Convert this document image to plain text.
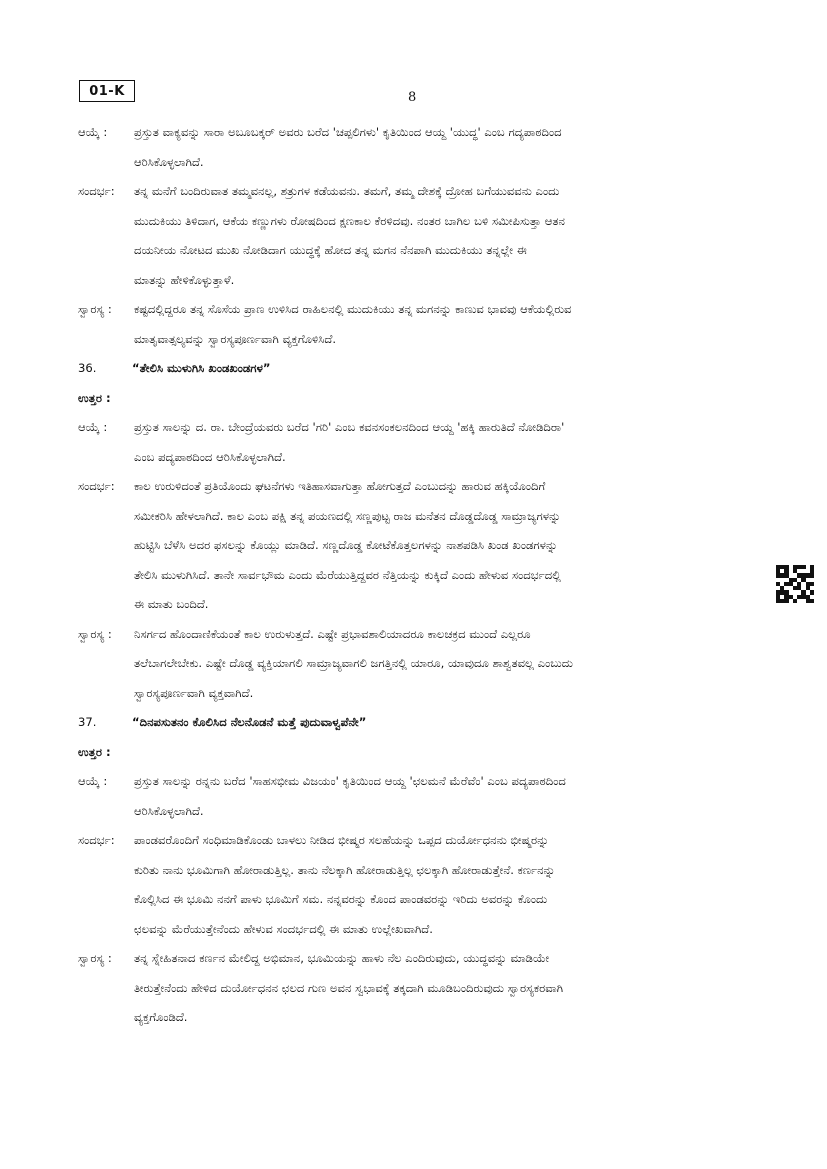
01-K	8
ಆಯ್ಕೆ :	ಪ್ರಸ್ತುತ ವಾಕ್ಯವನ್ನು ಸಾರಾ ಅಬೂಬಕ್ಕರ್ ಅವರು ಬರೆದ 'ಚಪ್ಪಲಿಗಳು' ಕೃತಿಯಿಂದ ಆಯ್ದ 'ಯುದ್ಧ' ಎಂಬ ಗದ್ಯಪಾಠದಿಂದ
ಆರಿಸಿಕೊಳ್ಳಲಾಗಿದೆ.
ಸಂದರ್ಭ:	ತನ್ನ ಮನೆಗೆ ಬಂದಿರುವಾತ ತಮ್ಮವನಲ್ಲ, ಶತ್ರುಗಳ ಕಡೆಯವನು. ತಮಗೆ, ತಮ್ಮ ದೇಶಕ್ಕೆ ದ್ರೋಹ ಬಗೆಯುವವನು ಎಂದು
ಮುದುಕಿಯು ತಿಳಿದಾಗ, ಆಕೆಯ ಕಣ್ಣುಗಳು ರೋಷದಿಂದ ಕ್ಷಣಕಾಲ ಕೆರಳಿದವು. ನಂತರ ಬಾಗಿಲ ಬಳಿ ಸಮೀಪಿಸುತ್ತಾ ಆತನ
ದಯನೀಯ ನೋಟದ ಮುಖ ನೋಡಿದಾಗ ಯುದ್ಧಕ್ಕೆ ಹೋದ ತನ್ನ ಮಗನ ನೆನಪಾಗಿ ಮುದುಕಿಯು ತನ್ನಲ್ಲೇ ಈ
ಮಾತನ್ನು ಹೇಳಿಕೊಳ್ಳುತ್ತಾಳೆ.
ಸ್ವಾರಸ್ಯ :	ಕಷ್ಟದಲ್ಲಿದ್ದರೂ ತನ್ನ ಸೊಸೆಯ ಪ್ರಾಣ ಉಳಿಸಿದ ರಾಹಿಲನಲ್ಲಿ ಮುದುಕಿಯು ತನ್ನ ಮಗನನ್ನು ಕಾಣುವ ಭಾವವು ಆಕೆಯಲ್ಲಿರುವ
ಮಾತೃವಾತ್ಸಲ್ಯವನ್ನು ಸ್ವಾರಸ್ಯಪೂರ್ಣವಾಗಿ ವ್ಯಕ್ತಗೊಳಿಸಿದೆ.
36.	“ತೇಲಿಸಿ ಮುಳುಗಿಸಿ ಖಂಡಖಂಡಗಳ”
ಉತ್ತರ :
ಆಯ್ಕೆ :	ಪ್ರಸ್ತುತ ಸಾಲನ್ನು ದ. ರಾ. ಬೇಂದ್ರೆಯವರು ಬರೆದ 'ಗರಿ' ಎಂಬ ಕವನಸಂಕಲನದಿಂದ ಆಯ್ದ 'ಹಕ್ಕಿ ಹಾರುತಿದೆ ನೋಡಿದಿರಾ'
ಎಂಬ ಪದ್ಯಪಾಠದಿಂದ ಆರಿಸಿಕೊಳ್ಳಲಾಗಿದೆ.
ಸಂದರ್ಭ:	ಕಾಲ ಉರುಳಿದಂತೆ ಪ್ರತಿಯೊಂದು ಘಟನೆಗಳು ಇತಿಹಾಸವಾಗುತ್ತಾ ಹೋಗುತ್ತದೆ ಎಂಬುದನ್ನು ಹಾರುವ ಹಕ್ಕಿಯೊಂದಿಗೆ
ಸಮೀಕರಿಸಿ ಹೇಳಲಾಗಿದೆ. ಕಾಲ ಎಂಬ ಪಕ್ಷಿ ತನ್ನ ಪಯಣದಲ್ಲಿ ಸಣ್ಣಪುಟ್ಟ ರಾಜ ಮನೆತನ ದೊಡ್ಡದೊಡ್ಡ ಸಾಮ್ರಾಜ್ಯಗಳನ್ನು
ಹುಟ್ಟಿಸಿ ಬೆಳೆಸಿ ಅದರ ಫಸಲನ್ನು ಕೊಯ್ಲು ಮಾಡಿದೆ. ಸಣ್ಣದೊಡ್ಡ ಕೋಟೆಕೊತ್ತಲಗಳನ್ನು ನಾಶಪಡಿಸಿ ಖಂಡ ಖಂಡಗಳನ್ನು
ತೇಲಿಸಿ ಮುಳುಗಿಸಿದೆ. ತಾನೇ ಸಾರ್ವಭೌಮ ಎಂದು ಮೆರೆಯುತ್ತಿದ್ದವರ ನೆತ್ತಿಯನ್ನು ಕುಕ್ಕಿದೆ ಎಂದು ಹೇಳುವ ಸಂದರ್ಭದಲ್ಲಿ
ಈ ಮಾತು ಬಂದಿದೆ.
ಸ್ವಾರಸ್ಯ :	ನಿಸರ್ಗದ ಹೊಂದಾಣಿಕೆಯಂತೆ ಕಾಲ ಉರುಳುತ್ತದೆ. ಎಷ್ಟೇ ಪ್ರಭಾವಶಾಲಿಯಾದರೂ ಕಾಲಚಕ್ರದ ಮುಂದೆ ಎಲ್ಲರೂ
ತಲೆಬಾಗಲೇಬೇಕು. ಎಷ್ಟೇ ದೊಡ್ಡ ವ್ಯಕ್ತಿಯಾಗಲಿ ಸಾಮ್ರಾಜ್ಯವಾಗಲಿ ಜಗತ್ತಿನಲ್ಲಿ ಯಾರೂ, ಯಾವುದೂ ಶಾಶ್ವತವಲ್ಲ ಎಂಬುದು
ಸ್ವಾರಸ್ಯಪೂರ್ಣವಾಗಿ ವ್ಯಕ್ತವಾಗಿದೆ.
37.	“ದಿನಪಸುತನಂ ಕೊಲಿಸಿದ ನೆಲನೊಡನೆ ಮತ್ತೆ ಪುದುವಾಳ್ವಪೆನೇ”
ಉತ್ತರ :
ಆಯ್ಕೆ :	ಪ್ರಸ್ತುತ ಸಾಲನ್ನು ರನ್ನನು ಬರೆದ 'ಸಾಹಸಭೀಮ ವಿಜಯಂ' ಕೃತಿಯಿಂದ ಆಯ್ದ 'ಛಲಮನೆ ಮೆರೆವೆಂ' ಎಂಬ ಪದ್ಯಪಾಠದಿಂದ
ಆರಿಸಿಕೊಳ್ಳಲಾಗಿದೆ.
ಸಂದರ್ಭ:	ಪಾಂಡವರೊಂದಿಗೆ ಸಂಧಿಮಾಡಿಕೊಂಡು ಬಾಳಲು ನೀಡಿದ ಭೀಷ್ಮರ ಸಲಹೆಯನ್ನು ಒಪ್ಪದ ದುರ್ಯೋಧನನು ಭೀಷ್ಮರನ್ನು
ಕುರಿತು ನಾನು ಭೂಮಿಗಾಗಿ ಹೋರಾಡುತ್ತಿಲ್ಲ. ತಾನು ನೆಲಕ್ಕಾಗಿ ಹೋರಾಡುತ್ತಿಲ್ಲ ಛಲಕ್ಕಾಗಿ ಹೋರಾಡುತ್ತೇನೆ. ಕರ್ಣನನ್ನು
ಕೊಲ್ಲಿಸಿದ ಈ ಭೂಮಿ ನನಗೆ ಪಾಳು ಭೂಮಿಗೆ ಸಮ. ನನ್ನವರನ್ನು ಕೊಂದ ಪಾಂಡವರನ್ನು ಇರಿದು ಅವರನ್ನು ಕೊಂದು
ಛಲವನ್ನು ಮೆರೆಯುತ್ತೇನೆಂದು ಹೇಳುವ ಸಂದರ್ಭದಲ್ಲಿ ಈ ಮಾತು ಉಲ್ಲೇಖವಾಗಿದೆ.
ಸ್ವಾರಸ್ಯ :	ತನ್ನ ಸ್ನೇಹಿತನಾದ ಕರ್ಣನ ಮೇಲಿದ್ದ ಅಭಿಮಾನ, ಭೂಮಿಯನ್ನು ಹಾಳು ನೆಲ ಎಂದಿರುವುದು, ಯುದ್ಧವನ್ನು ಮಾಡಿಯೇ
ತೀರುತ್ತೇನೆಂದು ಹೇಳಿದ ದುರ್ಯೋಧನನ ಛಲದ ಗುಣ ಅವನ ಸ್ವಭಾವಕ್ಕೆ ತಕ್ಕದಾಗಿ ಮೂಡಿಬಂದಿರುವುದು ಸ್ವಾರಸ್ಯಕರವಾಗಿ
ವ್ಯಕ್ತಗೊಂಡಿದೆ.
